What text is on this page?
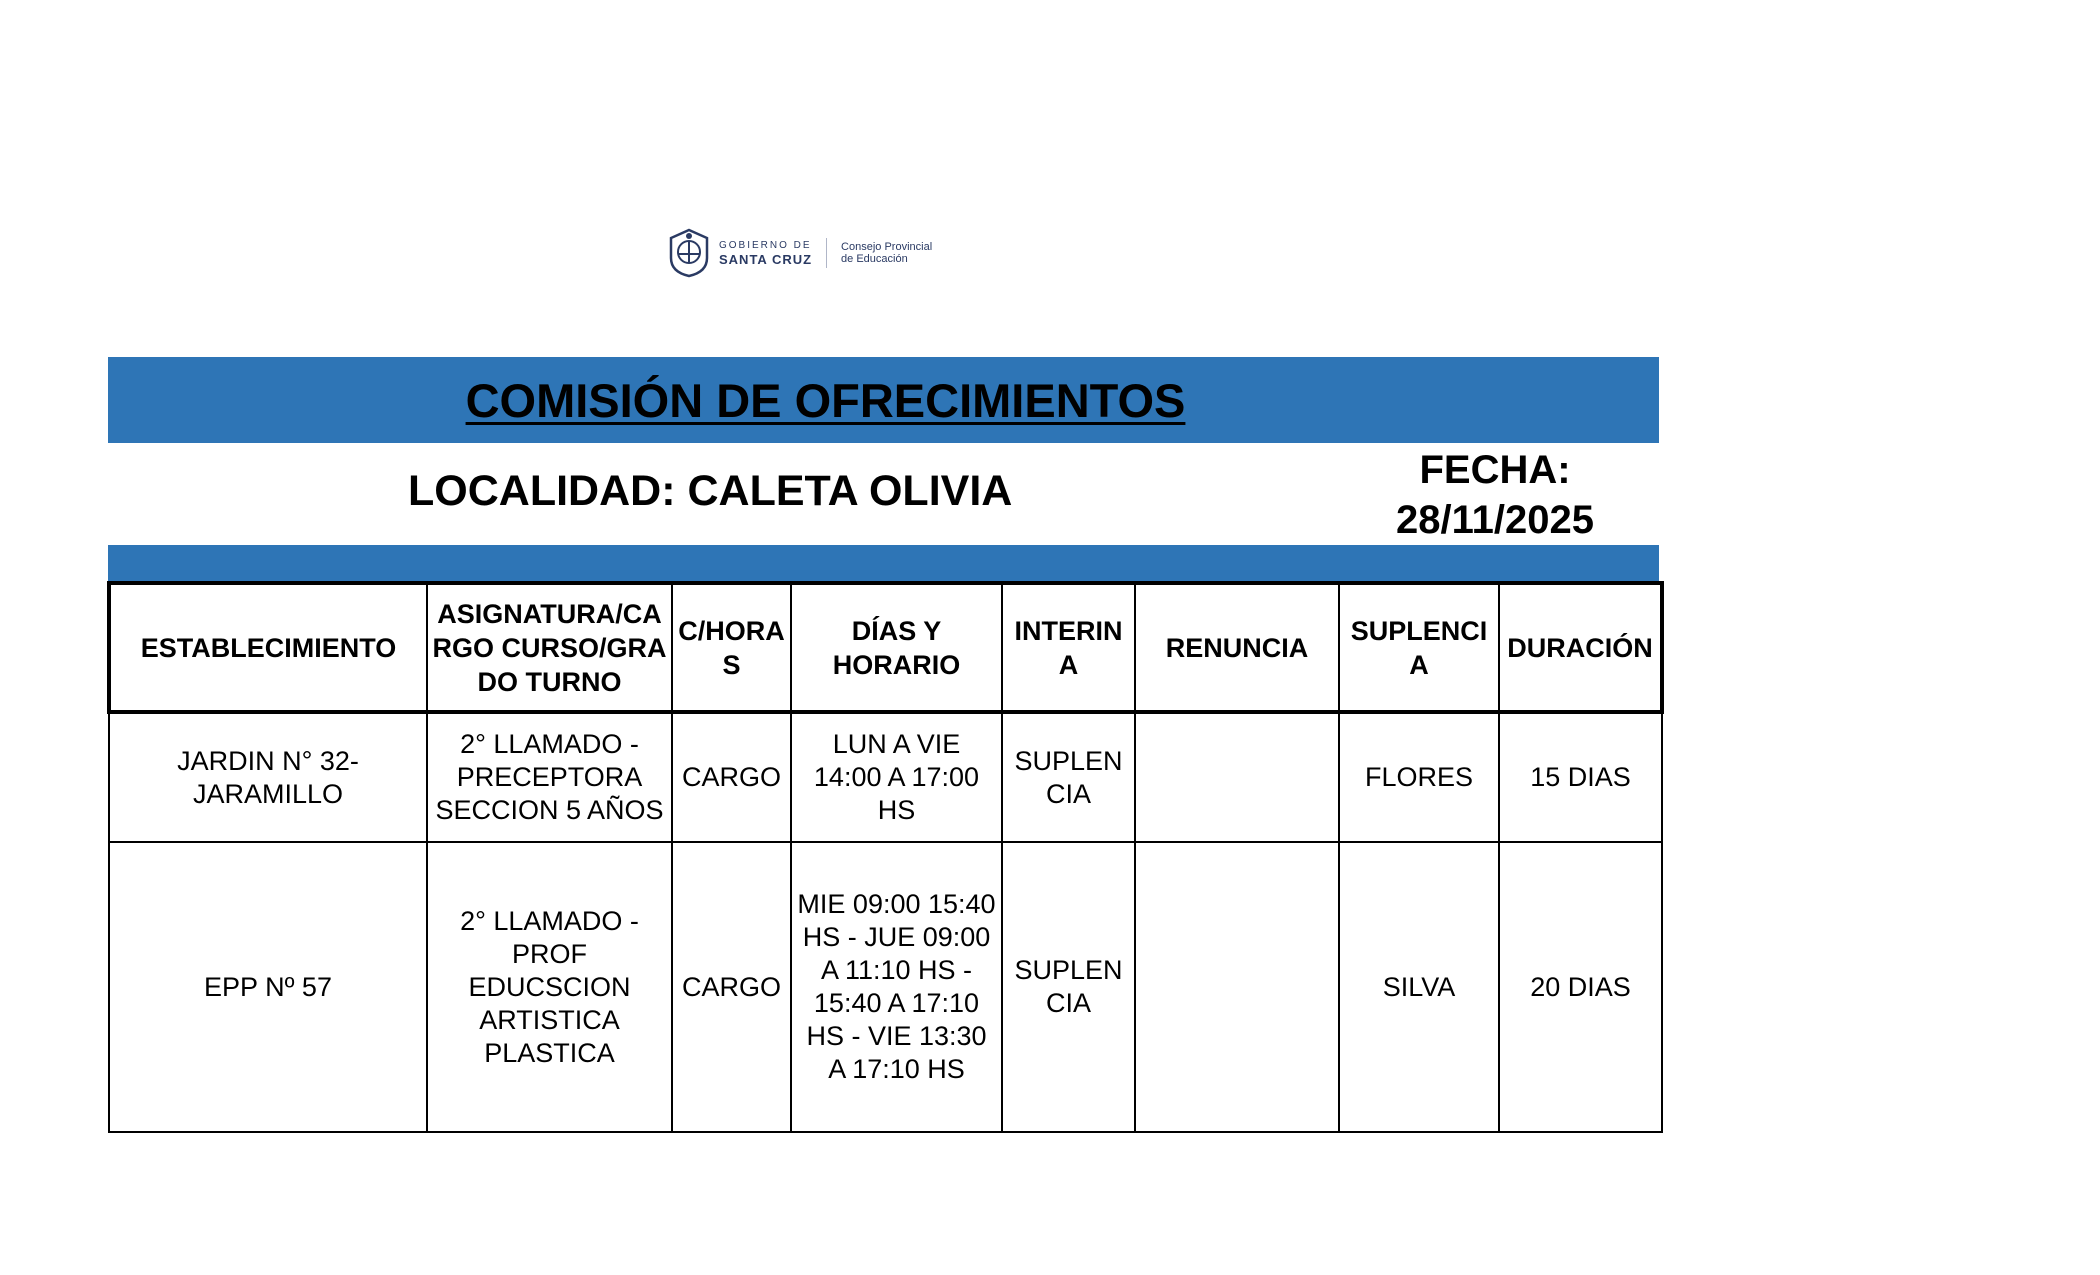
GOBIERNO DE
SANTA CRUZ
Consejo Provincial
de Educación
COMISIÓN DE OFRECIMIENTOS
LOCALIDAD: CALETA OLIVIA	FECHA:
28/11/2025
ESTABLECIMIENTO	ASIGNATURA/CARGO CURSO/GRADO TURNO	C/HORAS	DÍAS Y HORARIO	INTERINA	RENUNCIA	SUPLENCIA	DURACIÓN
JARDIN N° 32- JARAMILLO	2° LLAMADO - PRECEPTORA SECCION 5 AÑOS	CARGO	LUN A VIE 14:00 A 17:00 HS	SUPLENCIA		FLORES	15 DIAS
EPP Nº 57	2° LLAMADO - PROF EDUCSCION ARTISTICA PLASTICA	CARGO	MIE 09:00 15:40 HS - JUE 09:00 A 11:10 HS - 15:40 A 17:10 HS - VIE 13:30 A 17:10 HS	SUPLENCIA		SILVA	20 DIAS
